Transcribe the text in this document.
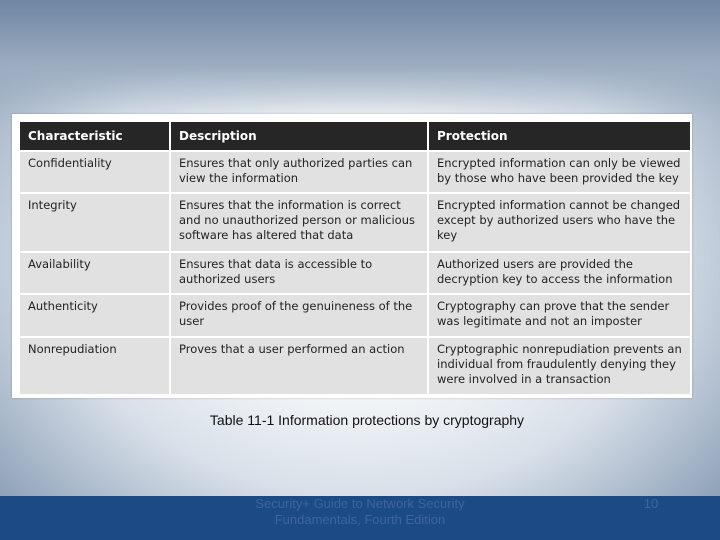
Characteristic	Description	Protection
Confidentiality	Ensures that only authorized parties can view the information	Encrypted information can only be viewed by those who have been provided the key
Integrity	Ensures that the information is correct and no unauthorized person or malicious software has altered that data	Encrypted information cannot be changed except by authorized users who have the key
Availability	Ensures that data is accessible to authorized users	Authorized users are provided the decryption key to access the information
Authenticity	Provides proof of the genuineness of the user	Cryptography can prove that the sender was legitimate and not an imposter
Nonrepudiation	Proves that a user performed an action	Cryptographic nonrepudiation prevents an individual from fraudulently denying they were involved in a transaction
Table 11-1 Information protections by cryptography
Security+ Guide to Network Security Fundamentals, Fourth Edition
10
